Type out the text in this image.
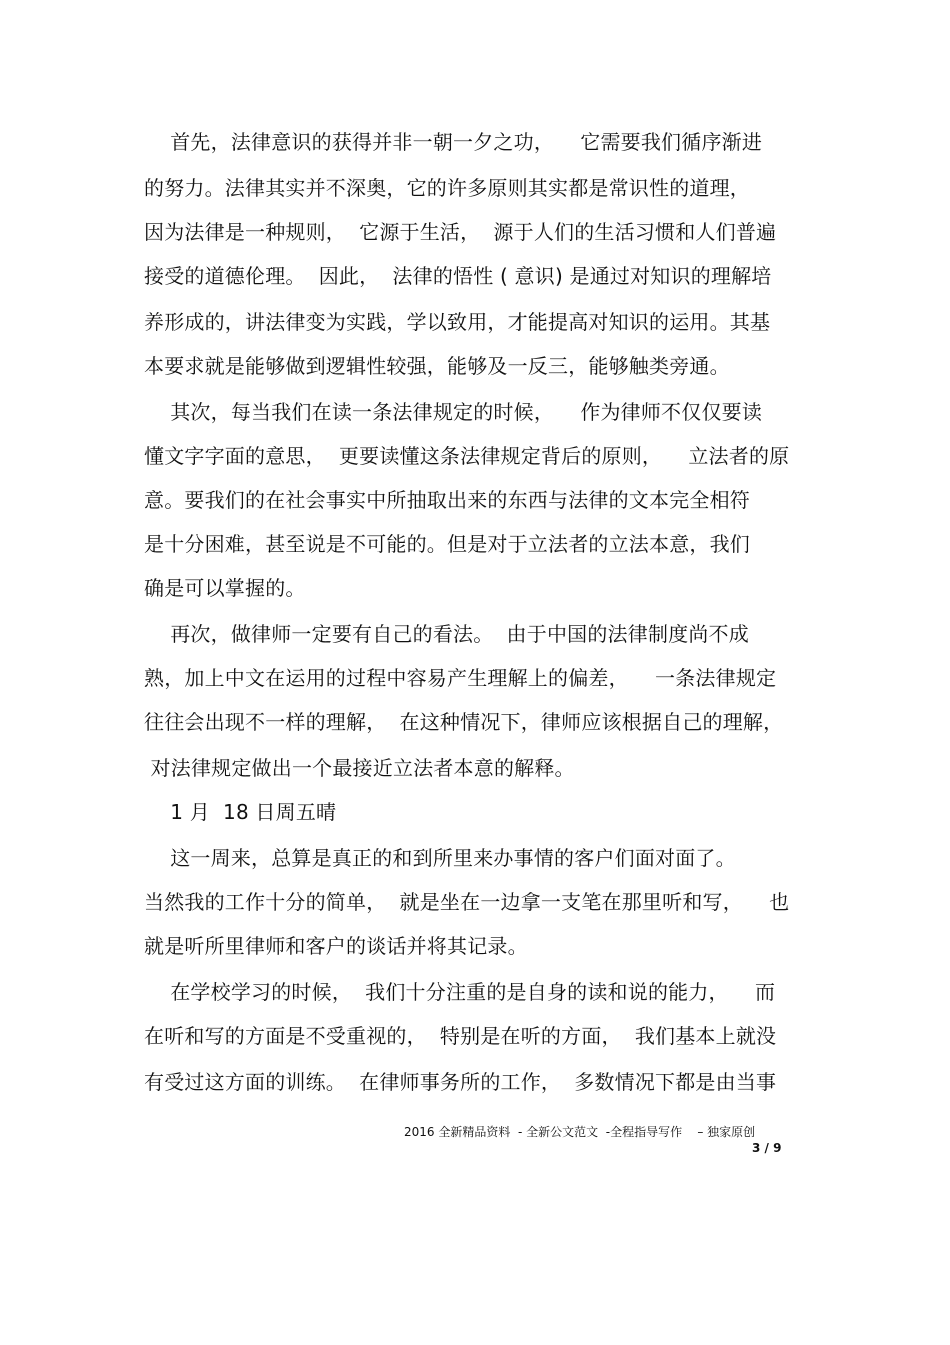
首先，法律意识的获得并非一朝一夕之功，    它需要我们循序渐进
的努力。法律其实并不深奥，它的许多原则其实都是常识性的道理，
因为法律是一种规则，  它源于生活，  源于人们的生活习惯和人们普遍
接受的道德伦理。  因此，  法律的悟性 ( 意识) 是通过对知识的理解培
养形成的，讲法律变为实践，学以致用，才能提高对知识的运用。其基
本要求就是能够做到逻辑性较强，能够及一反三，能够触类旁通。
其次，每当我们在读一条法律规定的时候，    作为律师不仅仅要读
懂文字字面的意思，  更要读懂这条法律规定背后的原则，    立法者的原
意。要我们的在社会事实中所抽取出来的东西与法律的文本完全相符
是十分困难，甚至说是不可能的。但是对于立法者的立法本意，我们
确是可以掌握的。
再次，做律师一定要有自己的看法。  由于中国的法律制度尚不成
熟，加上中文在运用的过程中容易产生理解上的偏差，    一条法律规定
往往会出现不一样的理解，  在这种情况下，律师应该根据自己的理解，
对法律规定做出一个最接近立法者本意的解释。
1 月  18 日周五晴
这一周来，总算是真正的和到所里来办事情的客户们面对面了。
当然我的工作十分的简单，  就是坐在一边拿一支笔在那里听和写，    也
就是听所里律师和客户的谈话并将其记录。
在学校学习的时候，  我们十分注重的是自身的读和说的能力，    而
在听和写的方面是不受重视的，  特别是在听的方面，  我们基本上就没
有受过这方面的训练。  在律师事务所的工作，  多数情况下都是由当事
2016 全新精品资料  - 全新公文范文  -全程指导写作    – 独家原创
3 / 9
